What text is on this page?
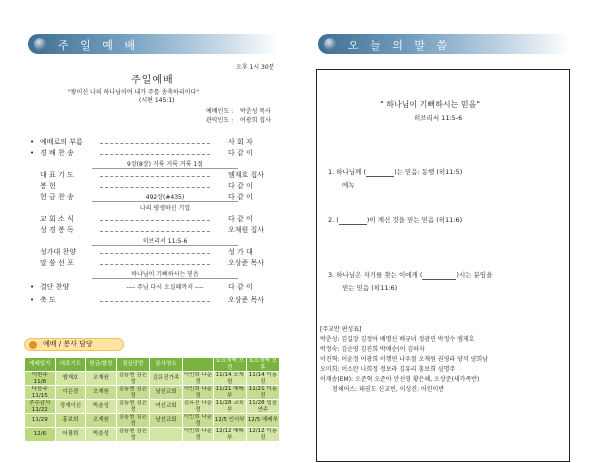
주 일 예 배	오 늘 의 말 씀
오후 1시 30분
주일예배
"왕이신 나의 하나님이여 내가 주를 송축하리이다"
(시편 145:1)
예배인도 : 박춘성 목사
관악인도 : 어광희 집사
• 예배로의 부름	사 회 자
• 경 배 찬 송	다 같 이
9장(8장) 거룩 거룩 거룩 1절
대 표 기 도	엠재호 집사
봉 헌	다 같 이
헌 금 찬 송	492장(#435)	다 같 이
나의 평생하신 기업
교 회 소 식	다 같 이
성 경 봉 독	오재원 집사
히브리서 11:5-6
성가대 찬양	성 가 대
말 씀 선 포	오상준 목사
하나님이 기뻐하시는 믿음
• 결단 찬양	---- 주님 다시 오실때까지 ----	다 같 이
• 축 도	오상준 목사
예배 / 봉사 담당
예배일자	대표기도	헌금/합창	점심당번	봉사청소		토요새벽 오전	토요새벽 오후
이번주 11/8	엠재호	오재원	김동원 김은정	김유진가족	이인희 나운정	11/14 오재원	11/14 이동진
다음주 11/15	이은정	오재원	김동원 김은정	남선교회	이인희 나운정	11/21 예배부	11/21 이동진
추수감사 11/22	정재이신	박춘성	김동원 김은정	여선교회	김유진 나운정	11/28 교육부	11/28 밀을연주
11/29	홍보희	오재원	김동원 김은정	남선교회	이인희 나운정	12/5 인사부	12/5 예배부
12/6	어광희	박춘성	김동원 김은정		이인희 나운정	12/12 예배부	12/12 이동진
" 하나님이 기뻐하시는 믿음"
히브리서 11:5-6
1. 하나님께 (	)는 믿음: 동행 (히11:5)
에녹
2. (	)이 계신 것을 믿는 믿음 (히11:6)
3. 하나님은 자기를 찾는 이에게 (	)시는 분임을
믿는 믿음 (히11:6)
[주교반 편성표]
박춘성: 김길장 김정아 배명신 배규녀 정광민 박정수 엠재호
박정숙: 김순영 김진희 박애순(어 김하자
이진혁: 이윤정 어광희 이행연 나우철 오재원 권영라 양석 양희남
오미희: 이소란 나희정 정보라 김유리 홍보희 심명주
이재송(EM): 오준혁 오준아 안선영 황은혜, 오상준(새가족반)
청체어스: 태권도 신교빈, 이성진: 어린이반
